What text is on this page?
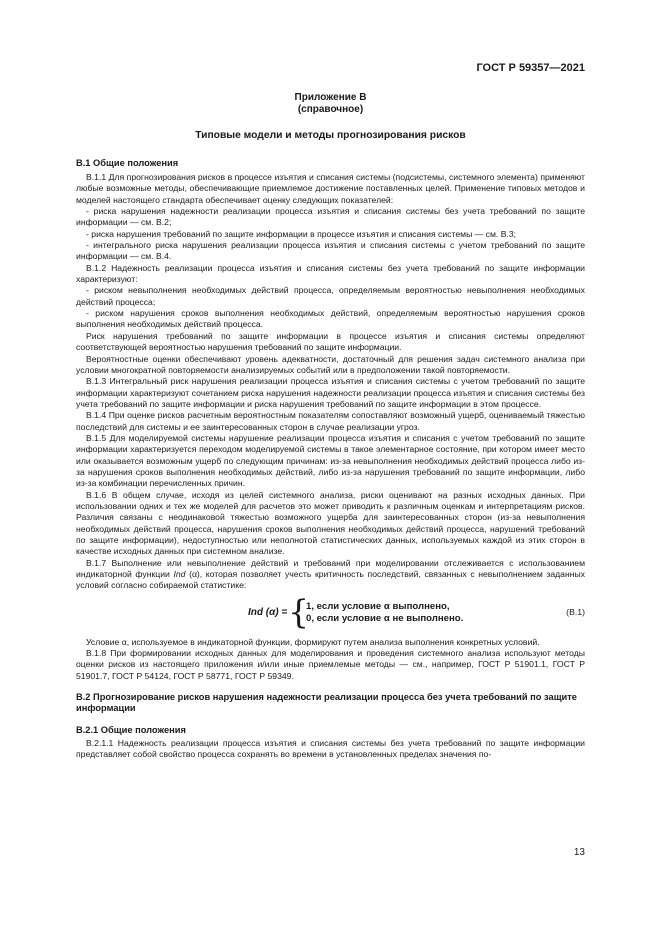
ГОСТ Р 59357—2021
Приложение В
(справочное)
Типовые модели и методы прогнозирования рисков
В.1 Общие положения

В.1.1 Для прогнозирования рисков в процессе изъятия и списания системы (подсистемы, системного элемента) применяют любые возможные методы, обеспечивающие приемлемое достижение поставленных целей. Применение типовых методов и моделей настоящего стандарта обеспечивает оценку следующих показателей:

- риска нарушения надежности реализации процесса изъятия и списания системы без учета требований по защите информации — см. В.2;

- риска нарушения требований по защите информации в процессе изъятия и списания системы — см. В.3;

- интегрального риска нарушения реализации процесса изъятия и списания системы с учетом требований по защите информации — см. В.4.

В.1.2 Надежность реализации процесса изъятия и списания системы без учета требований по защите информации характеризуют:

- риском невыполнения необходимых действий процесса, определяемым вероятностью невыполнения необходимых действий процесса;

- риском нарушения сроков выполнения необходимых действий, определяемым вероятностью нарушения сроков выполнения необходимых действий процесса.

Риск нарушения требований по защите информации в процессе изъятия и списания системы определяют соответствующей вероятностью нарушения требований по защите информации.

Вероятностные оценки обеспечивают уровень адекватности, достаточный для решения задач системного анализа при условии многократной повторяемости анализируемых событий или в предположении такой повторяемости.

В.1.3 Интегральный риск нарушения реализации процесса изъятия и списания системы с учетом требований по защите информации характеризуют сочетанием риска нарушения надежности реализации процесса изъятия и списания системы без учета требований по защите информации и риска нарушения требований по защите информации в этом процессе.

В.1.4 При оценке рисков расчетным вероятностным показателям сопоставляют возможный ущерб, оцениваемый тяжестью последствий для системы и ее заинтересованных сторон в случае реализации угроз.

В.1.5 Для моделируемой системы нарушение реализации процесса изъятия и списания с учетом требований по защите информации характеризуется переходом моделируемой системы в такое элементарное состояние, при котором имеет место или оказывается возможным ущерб по следующим причинам: из-за невыполнения необходимых действий процесса либо из-за нарушения сроков выполнения необходимых действий, либо из-за нарушения требований по защите информации, либо из-за комбинации перечисленных причин.

В.1.6 В общем случае, исходя из целей системного анализа, риски оценивают на разных исходных данных. При использовании одних и тех же моделей для расчетов это может приводить к различным оценкам и интерпретациям рисков. Различия связаны с неодинаковой тяжестью возможного ущерба для заинтересованных сторон (из-за невыполнения необходимых действий процесса, нарушения сроков выполнения необходимых действий процесса, нарушений требований по защите информации), недоступностью или неполнотой статистических данных, используемых каждой из этих сторон в качестве исходных данных при системном анализе.

В.1.7 Выполнение или невыполнение действий и требований при моделировании отслеживается с использованием индикаторной функции Ind (α), которая позволяет учесть критичность последствий, связанных с невыполнением заданных условий согласно собираемой статистике:

Ind (α) = {
1, если условие α выполнено,
0, если условие α не выполнено.
(В.1)

Условие α, используемое в индикаторной функции, формируют путем анализа выполнения конкретных условий.

В.1.8 При формировании исходных данных для моделирования и проведения системного анализа используют методы оценки рисков из настоящего приложения и/или иные приемлемые методы — см., например, ГОСТ Р 51901.1, ГОСТ Р 51901.7, ГОСТ Р 54124, ГОСТ Р 58771, ГОСТ Р 59349.

В.2 Прогнозирование рисков нарушения надежности реализации процесса без учета требований по защите информации
В.2.1 Общие положения

В.2.1.1 Надежность реализации процесса изъятия и списания системы без учета требований по защите информации представляет собой свойство процесса сохранять во времени в установленных пределах значения по-

13
